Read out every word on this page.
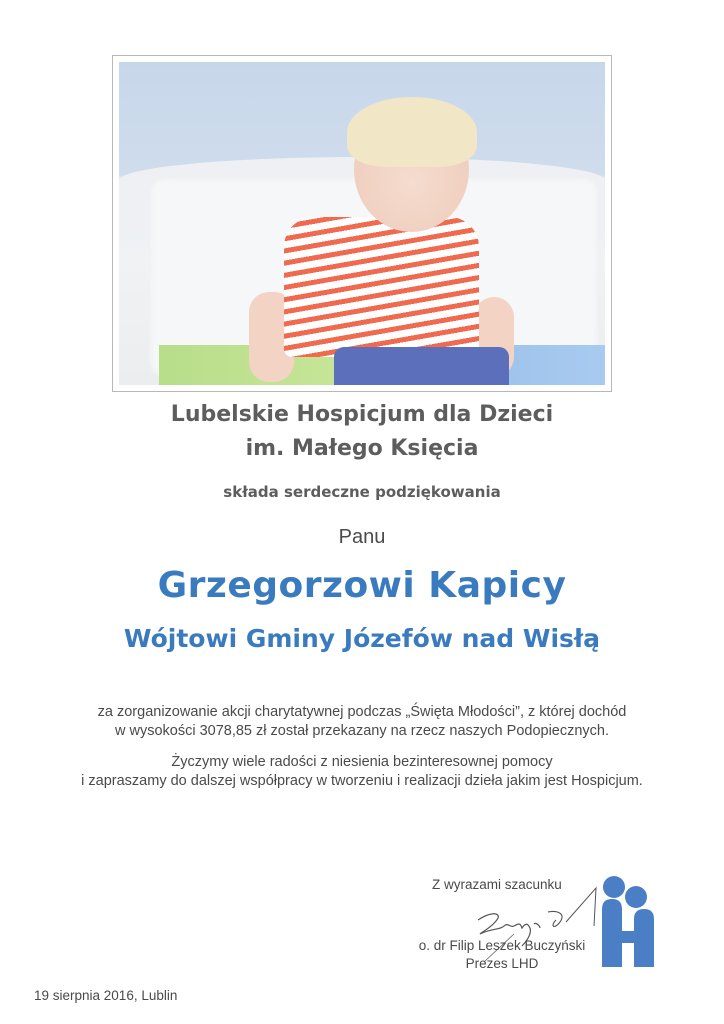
Lubelskie Hospicjum dla Dzieci
im. Małego Księcia
składa serdeczne podziękowania
Panu
Grzegorzowi Kapicy
Wójtowi Gminy Józefów nad Wisłą
za zorganizowanie akcji charytatywnej podczas „Święta Młodości”, z której dochód
w wysokości 3078,85 zł został przekazany na rzecz naszych Podopiecznych.
Życzymy wiele radości z niesienia bezinteresownej pomocy
i zapraszamy do dalszej współpracy w tworzeniu i realizacji dzieła jakim jest Hospicjum.
Z wyrazami szacunku
o. dr Filip Leszek Buczyński
Prezes LHD
19 sierpnia 2016, Lublin
